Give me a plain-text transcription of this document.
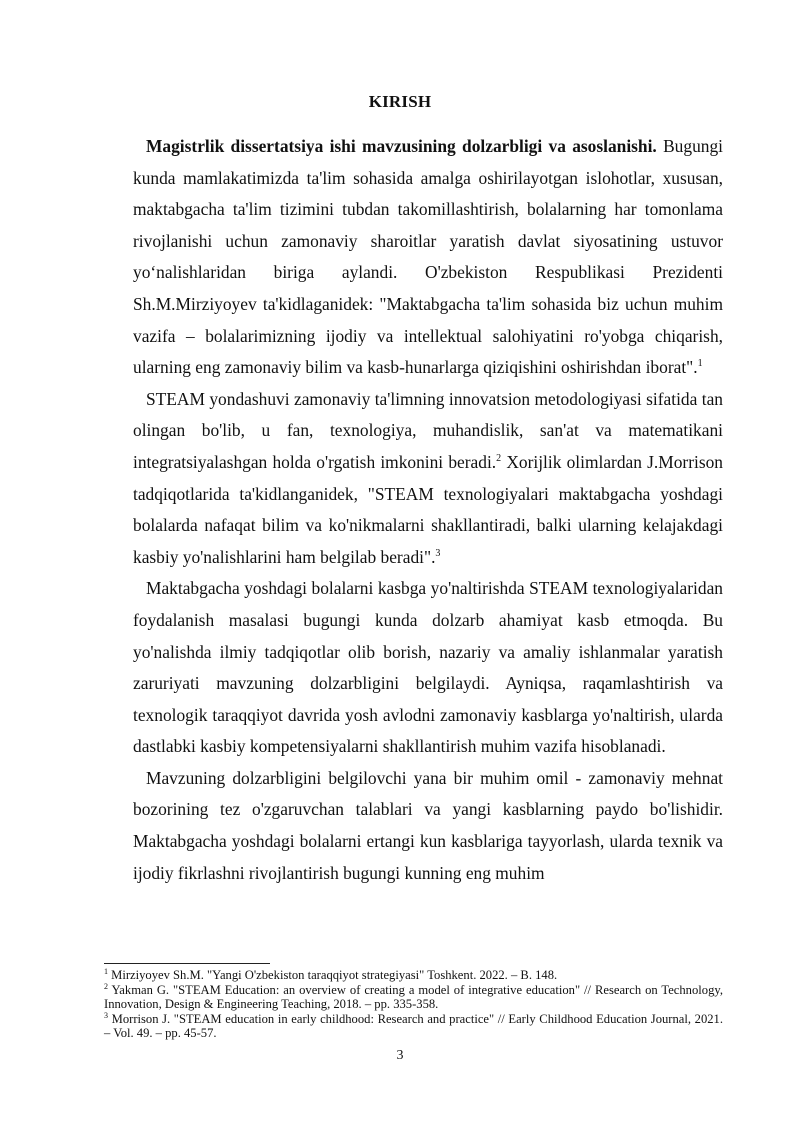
KIRISH

Magistrlik dissertatsiya ishi mavzusining dolzarbligi va asoslanishi. Bugungi kunda mamlakatimizda ta'lim sohasida amalga oshirilayotgan islohotlar, xususan, maktabgacha ta'lim tizimini tubdan takomillashtirish, bolalarning har tomonlama rivojlanishi uchun zamonaviy sharoitlar yaratish davlat siyosatining ustuvor yo‘nalishlaridan biriga aylandi. O'zbekiston Respublikasi Prezidenti Sh.M.Mirziyoyev ta'kidlaganidek: "Maktabgacha ta'lim sohasida biz uchun muhim vazifa – bolalarimizning ijodiy va intellektual salohiyatini ro'yobga chiqarish, ularning eng zamonaviy bilim va kasb-hunarlarga qiziqishini oshirishdan iborat".$^1$

STEAM yondashuvi zamonaviy ta'limning innovatsion metodologiyasi sifatida tan olingan bo'lib, u fan, texnologiya, muhandislik, san'at va matematikani integratsiyalashgan holda o'rgatish imkonini beradi.$^2$ Xorijlik olimlardan J.Morrison tadqiqotlarida ta'kidlanganidek, "STEAM texnologiyalari maktabgacha yoshdagi bolalarda nafaqat bilim va ko'nikmalarni shakllantiradi, balki ularning kelajakdagi kasbiy yo'nalishlarini ham belgilab beradi".$^3$

Maktabgacha yoshdagi bolalarni kasbga yo'naltirishda STEAM texnologiyalaridan foydalanish masalasi bugungi kunda dolzarb ahamiyat kasb etmoqda. Bu yo'nalishda ilmiy tadqiqotlar olib borish, nazariy va amaliy ishlanmalar yaratish zaruriyati mavzuning dolzarbligini belgilaydi. Ayniqsa, raqamlashtirish va texnologik taraqqiyot davrida yosh avlodni zamonaviy kasblarga yo'naltirish, ularda dastlabki kasbiy kompetensiyalarni shakllantirish muhim vazifa hisoblanadi.

Mavzuning dolzarbligini belgilovchi yana bir muhim omil - zamonaviy mehnat bozorining tez o'zgaruvchan talablari va yangi kasblarning paydo bo'lishidir. Maktabgacha yoshdagi bolalarni ertangi kun kasblariga tayyorlash, ularda texnik va ijodiy fikrlashni rivojlantirish bugungi kunning eng muhim

$^1$ Mirziyoyev Sh.M. "Yangi O'zbekiston taraqqiyot strategiyasi" Toshkent. 2022. – B. 148.

$^2$ Yakman G. "STEAM Education: an overview of creating a model of integrative education" // Research on Technology, Innovation, Design & Engineering Teaching, 2018. – pp. 335-358.

$^3$ Morrison J. "STEAM education in early childhood: Research and practice" // Early Childhood Education Journal, 2021. – Vol. 49. – pp. 45-57.

3
